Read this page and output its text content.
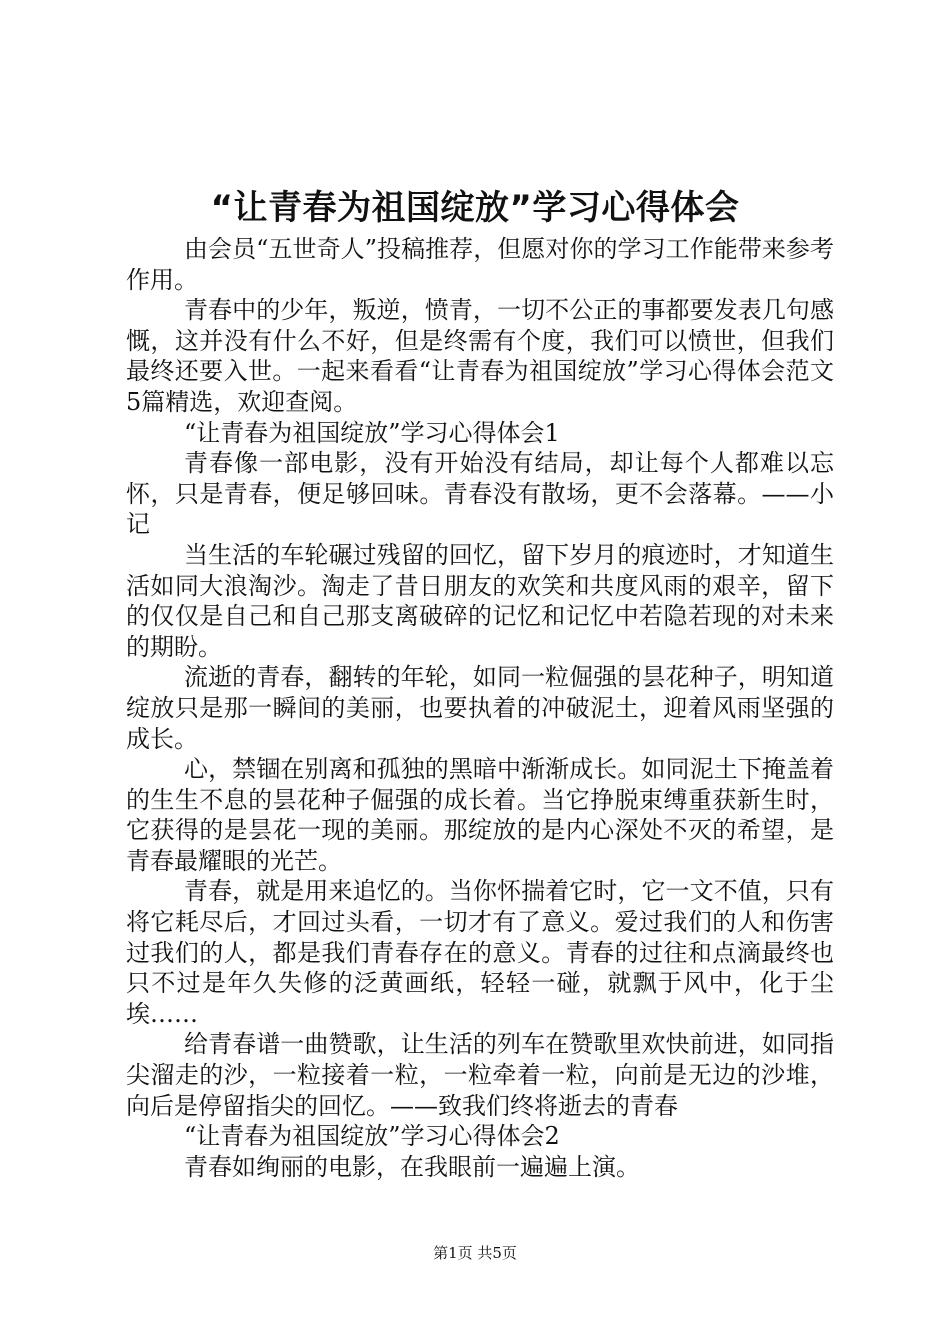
“让青春为祖国绽放”学习心得体会

由会员“五世奇人”投稿推荐，但愿对你的学习工作能带来参考作用。

青春中的少年，叛逆，愤青，一切不公正的事都要发表几句感慨，这并没有什么不好，但是终需有个度，我们可以愤世，但我们最终还要入世。一起来看看“让青春为祖国绽放”学习心得体会范文5篇精选，欢迎查阅。

“让青春为祖国绽放”学习心得体会1

青春像一部电影，没有开始没有结局，却让每个人都难以忘怀，只是青春，便足够回味。青春没有散场，更不会落幕。——小记

当生活的车轮碾过残留的回忆，留下岁月的痕迹时，才知道生活如同大浪淘沙。淘走了昔日朋友的欢笑和共度风雨的艰辛，留下的仅仅是自己和自己那支离破碎的记忆和记忆中若隐若现的对未来的期盼。

流逝的青春，翻转的年轮，如同一粒倔强的昙花种子，明知道绽放只是那一瞬间的美丽，也要执着的冲破泥土，迎着风雨坚强的成长。

心，禁锢在别离和孤独的黑暗中渐渐成长。如同泥土下掩盖着的生生不息的昙花种子倔强的成长着。当它挣脱束缚重获新生时，它获得的是昙花一现的美丽。那绽放的是内心深处不灭的希望，是青春最耀眼的光芒。

青春，就是用来追忆的。当你怀揣着它时，它一文不值，只有将它耗尽后，才回过头看，一切才有了意义。爱过我们的人和伤害过我们的人，都是我们青春存在的意义。青春的过往和点滴最终也只不过是年久失修的泛黄画纸，轻轻一碰，就飘于风中，化于尘埃……

给青春谱一曲赞歌，让生活的列车在赞歌里欢快前进，如同指尖溜走的沙，一粒接着一粒，一粒牵着一粒，向前是无边的沙堆，向后是停留指尖的回忆。——致我们终将逝去的青春

“让青春为祖国绽放”学习心得体会2

青春如绚丽的电影，在我眼前一遍遍上演。

第1页 共5页
